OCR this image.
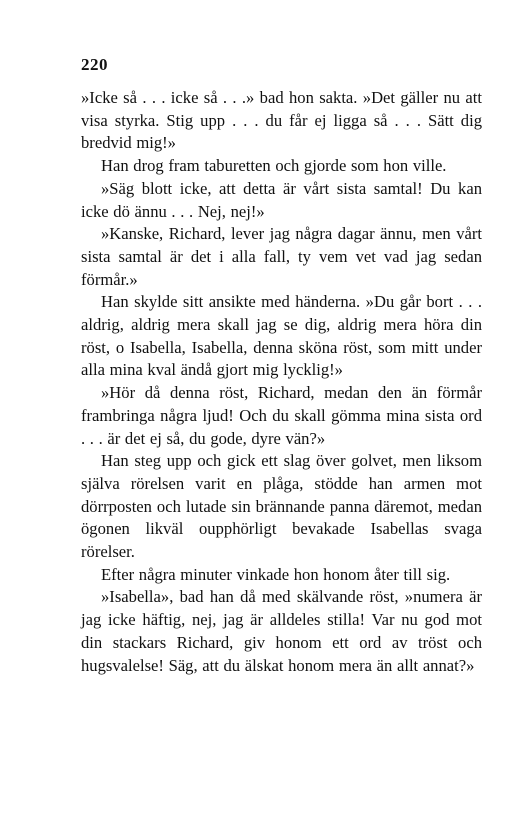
220

»Icke så . . . icke så . . .» bad hon sakta. »Det gäller nu att visa styrka. Stig upp . . . du får ej ligga så . . . Sätt dig bredvid mig!»

Han drog fram taburetten och gjorde som hon ville.

»Säg blott icke, att detta är vårt sista samtal! Du kan icke dö ännu . . . Nej, nej!»

»Kanske, Richard, lever jag några dagar ännu, men vårt sista samtal är det i alla fall, ty vem vet vad jag sedan förmår.»

Han skylde sitt ansikte med händerna. »Du går bort . . . aldrig, aldrig mera skall jag se dig, aldrig mera höra din röst, o Isabella, Isabella, denna sköna röst, som mitt under alla mina kval ändå gjort mig lycklig!»

»Hör då denna röst, Richard, medan den än förmår frambringa några ljud! Och du skall gömma mina sista ord . . . är det ej så, du gode, dyre vän?»

Han steg upp och gick ett slag över golvet, men liksom själva rörelsen varit en plåga, stödde han armen mot dörrposten och lutade sin brännande panna däremot, medan ögonen likväl oupphörligt bevakade Isabellas svaga rörelser.

Efter några minuter vinkade hon honom åter till sig.

»Isabella», bad han då med skälvande röst, »numera är jag icke häftig, nej, jag är alldeles stilla! Var nu god mot din stackars Richard, giv honom ett ord av tröst och hugsvalelse! Säg, att du älskat honom mera än allt annat?»
